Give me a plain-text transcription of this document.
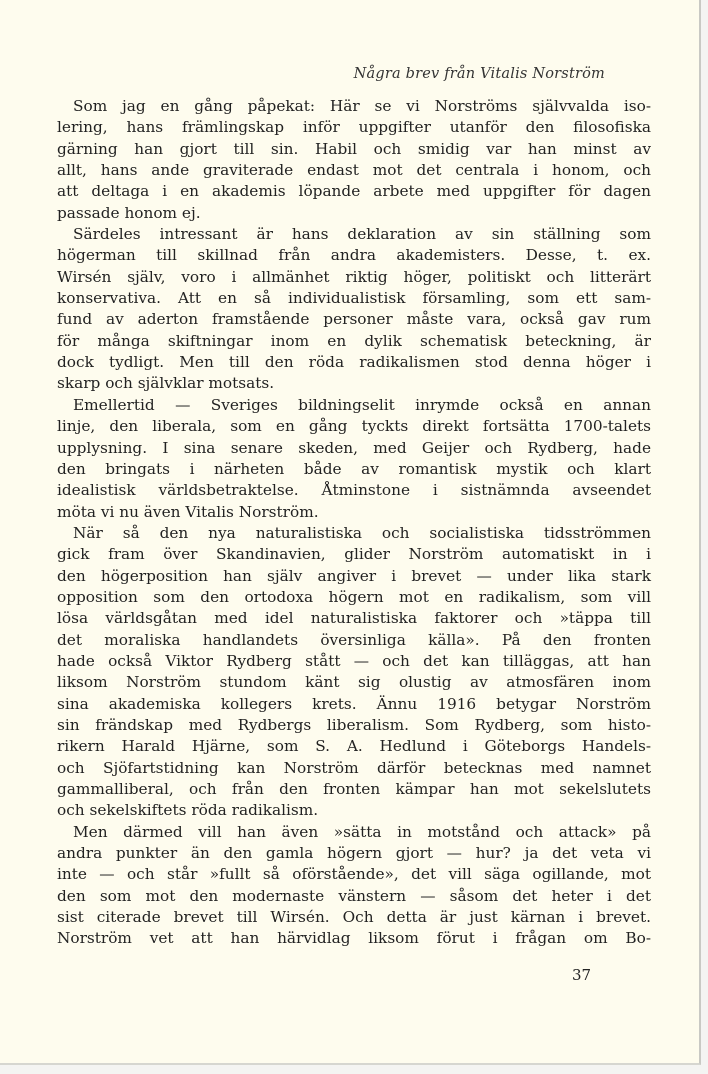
Några brev från Vitalis Norström
Som jag en gång påpekat: Här se vi Norströms självvalda iso-
lering, hans främlingskap inför uppgifter utanför den filosofiska
gärning han gjort till sin. Habil och smidig var han minst av
allt, hans ande graviterade endast mot det centrala i honom, och
att deltaga i en akademis löpande arbete med uppgifter för dagen
passade honom ej.
Särdeles intressant är hans deklaration av sin ställning som
högerman till skillnad från andra akademisters. Desse, t. ex.
Wirsén själv, voro i allmänhet riktig höger, politiskt och litterärt
konservativa. Att en så individualistisk församling, som ett sam-
fund av aderton framstående personer måste vara, också gav rum
för många skiftningar inom en dylik schematisk beteckning, är
dock tydligt. Men till den röda radikalismen stod denna höger i
skarp och självklar motsats.
Emellertid — Sveriges bildningselit inrymde också en annan
linje, den liberala, som en gång tyckts direkt fortsätta 1700-talets
upplysning. I sina senare skeden, med Geijer och Rydberg, hade
den bringats i närheten både av romantisk mystik och klart
idealistisk världsbetraktelse. Åtminstone i sistnämnda avseendet
möta vi nu även Vitalis Norström.
När så den nya naturalistiska och socialistiska tidsströmmen
gick fram över Skandinavien, glider Norström automatiskt in i
den högerposition han själv angiver i brevet — under lika stark
opposition som den ortodoxa högern mot en radikalism, som vill
lösa världsgåtan med idel naturalistiska faktorer och »täppa till
det moraliska handlandets översinliga källa». På den fronten
hade också Viktor Rydberg stått — och det kan tilläggas, att han
liksom Norström stundom känt sig olustig av atmosfären inom
sina akademiska kollegers krets. Ännu 1916 betygar Norström
sin frändskap med Rydbergs liberalism. Som Rydberg, som histo-
rikern Harald Hjärne, som S. A. Hedlund i Göteborgs Handels-
och Sjöfartstidning kan Norström därför betecknas med namnet
gammalliberal, och från den fronten kämpar han mot sekelslutets
och sekelskiftets röda radikalism.
Men därmed vill han även »sätta in motstånd och attack» på
andra punkter än den gamla högern gjort — hur? ja det veta vi
inte — och står »fullt så oförstående», det vill säga ogillande, mot
den som mot den modernaste vänstern — såsom det heter i det
sist citerade brevet till Wirsén. Och detta är just kärnan i brevet.
Norström vet att han härvidlag liksom förut i frågan om Bo-
37
